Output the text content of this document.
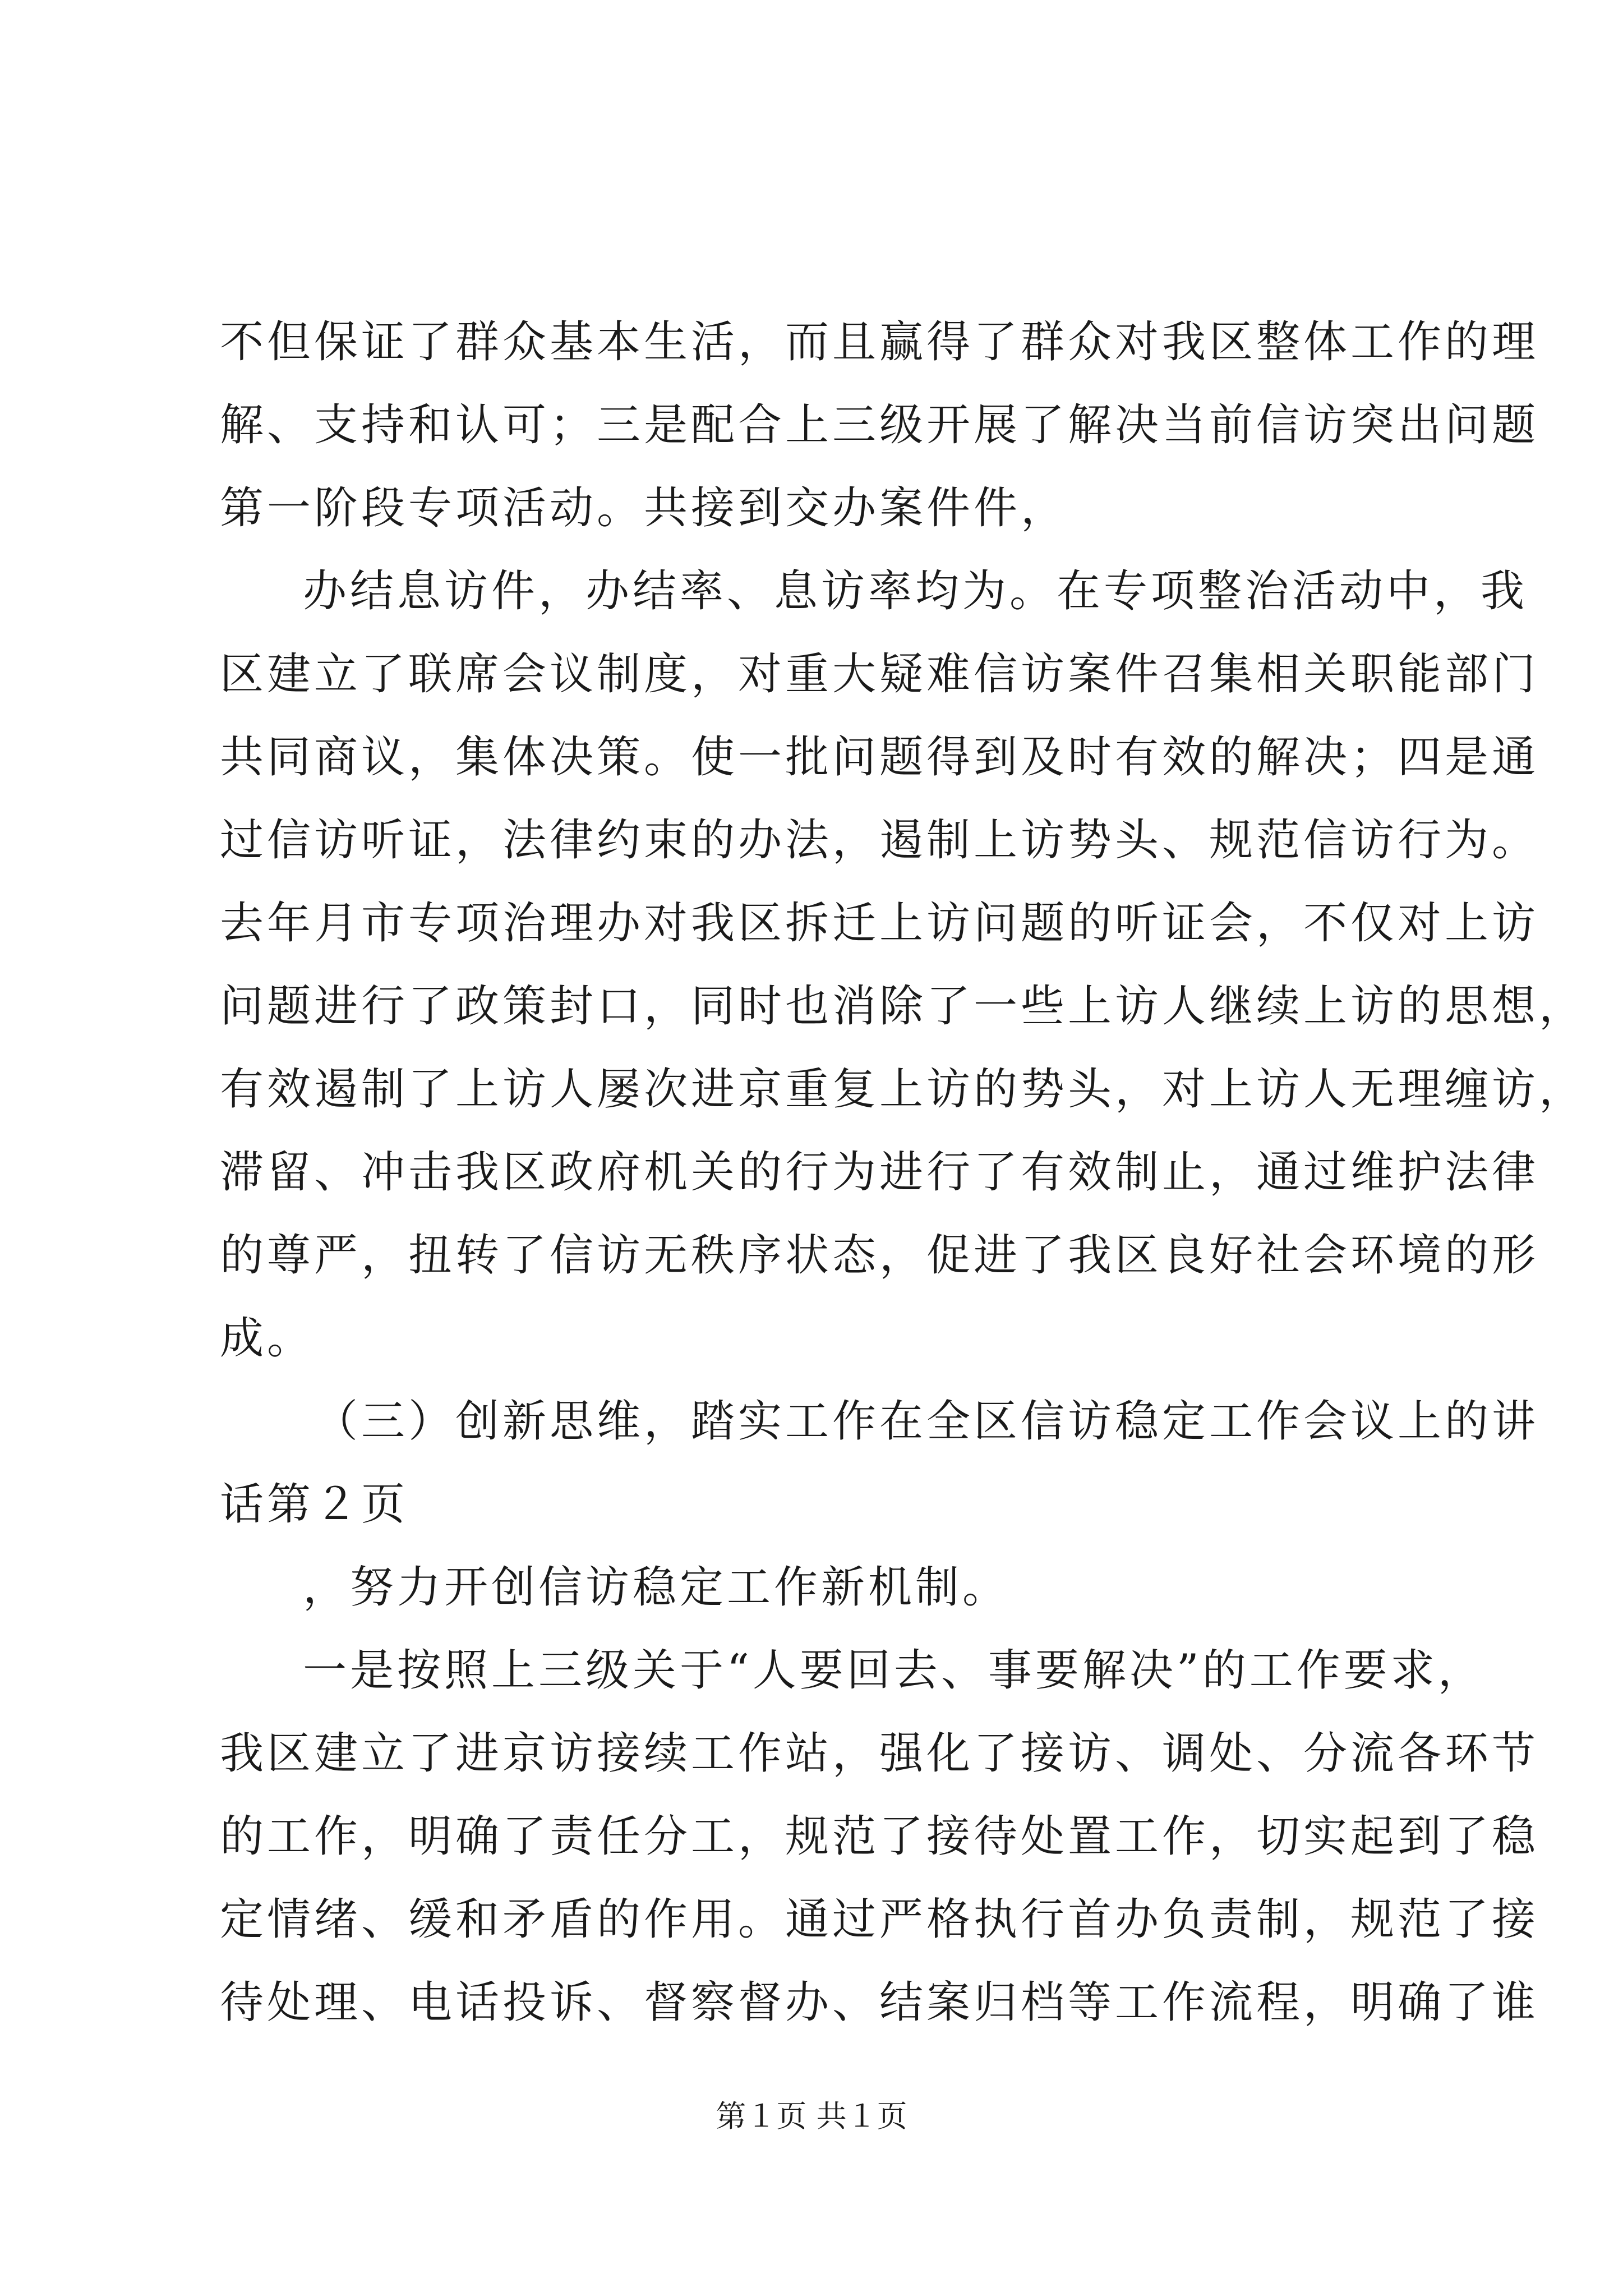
不但保证了群众基本生活，而且赢得了群众对我区整体工作的理

解、支持和认可；三是配合上三级开展了解决当前信访突出问题

第一阶段专项活动。共接到交办案件件，

办结息访件，办结率、息访率均为。在专项整治活动中，我

区建立了联席会议制度，对重大疑难信访案件召集相关职能部门

共同商议，集体决策。使一批问题得到及时有效的解决；四是通

过信访听证，法律约束的办法，遏制上访势头、规范信访行为。

去年月市专项治理办对我区拆迁上访问题的听证会，不仅对上访

问题进行了政策封口，同时也消除了一些上访人继续上访的思想，

有效遏制了上访人屡次进京重复上访的势头，对上访人无理缠访，

滞留、冲击我区政府机关的行为进行了有效制止，通过维护法律

的尊严，扭转了信访无秩序状态，促进了我区良好社会环境的形

成。

（三）创新思维，踏实工作在全区信访稳定工作会议上的讲

话第２页

，努力开创信访稳定工作新机制。

一是按照上三级关于“人要回去、事要解决”的工作要求，

我区建立了进京访接续工作站，强化了接访、调处、分流各环节

的工作，明确了责任分工，规范了接待处置工作，切实起到了稳

定情绪、缓和矛盾的作用。通过严格执行首办负责制，规范了接

待处理、电话投诉、督察督办、结案归档等工作流程，明确了谁

第１页 共１页
